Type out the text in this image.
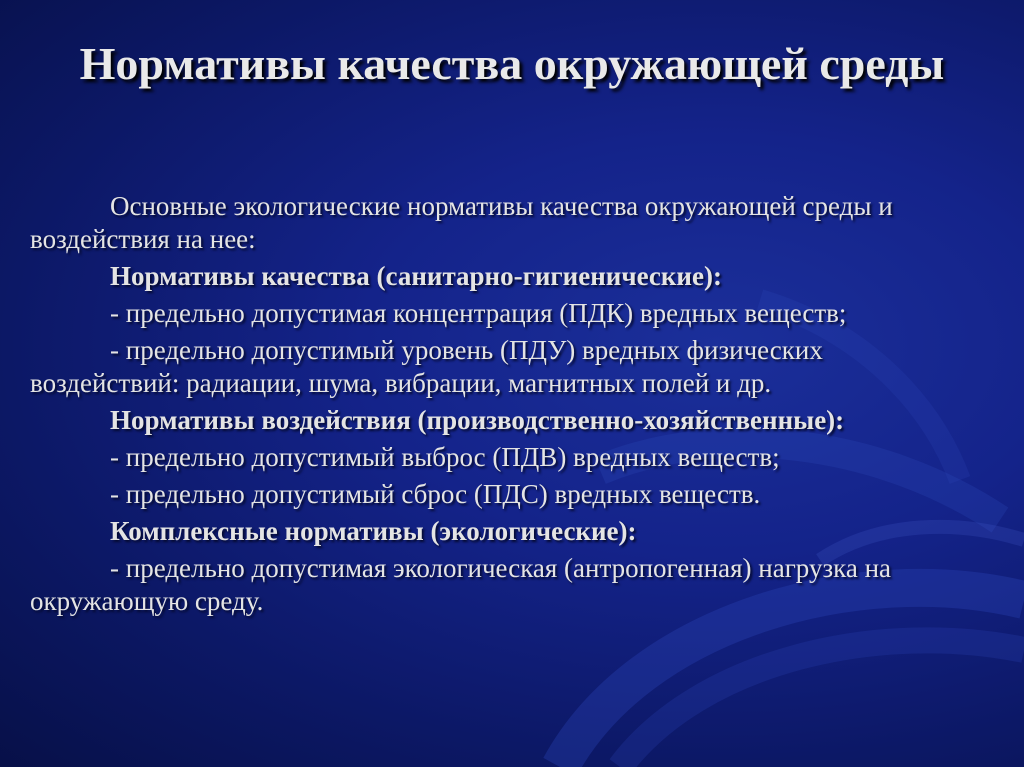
Нормативы качества окружающей среды

Основные экологические нормативы качества окружающей среды и воздействия на нее:

Нормативы качества (санитарно-гигиенические):

- предельно допустимая концентрация (ПДК) вредных веществ;

- предельно допустимый уровень (ПДУ) вредных физических воздействий: радиации, шума, вибрации, магнитных полей и др.

Нормативы воздействия (производственно-хозяйственные):

- предельно допустимый выброс (ПДВ) вредных веществ;

- предельно допустимый сброс (ПДС) вредных веществ.

Комплексные нормативы (экологические):

- предельно допустимая экологическая (антропогенная) нагрузка на окружающую среду.
